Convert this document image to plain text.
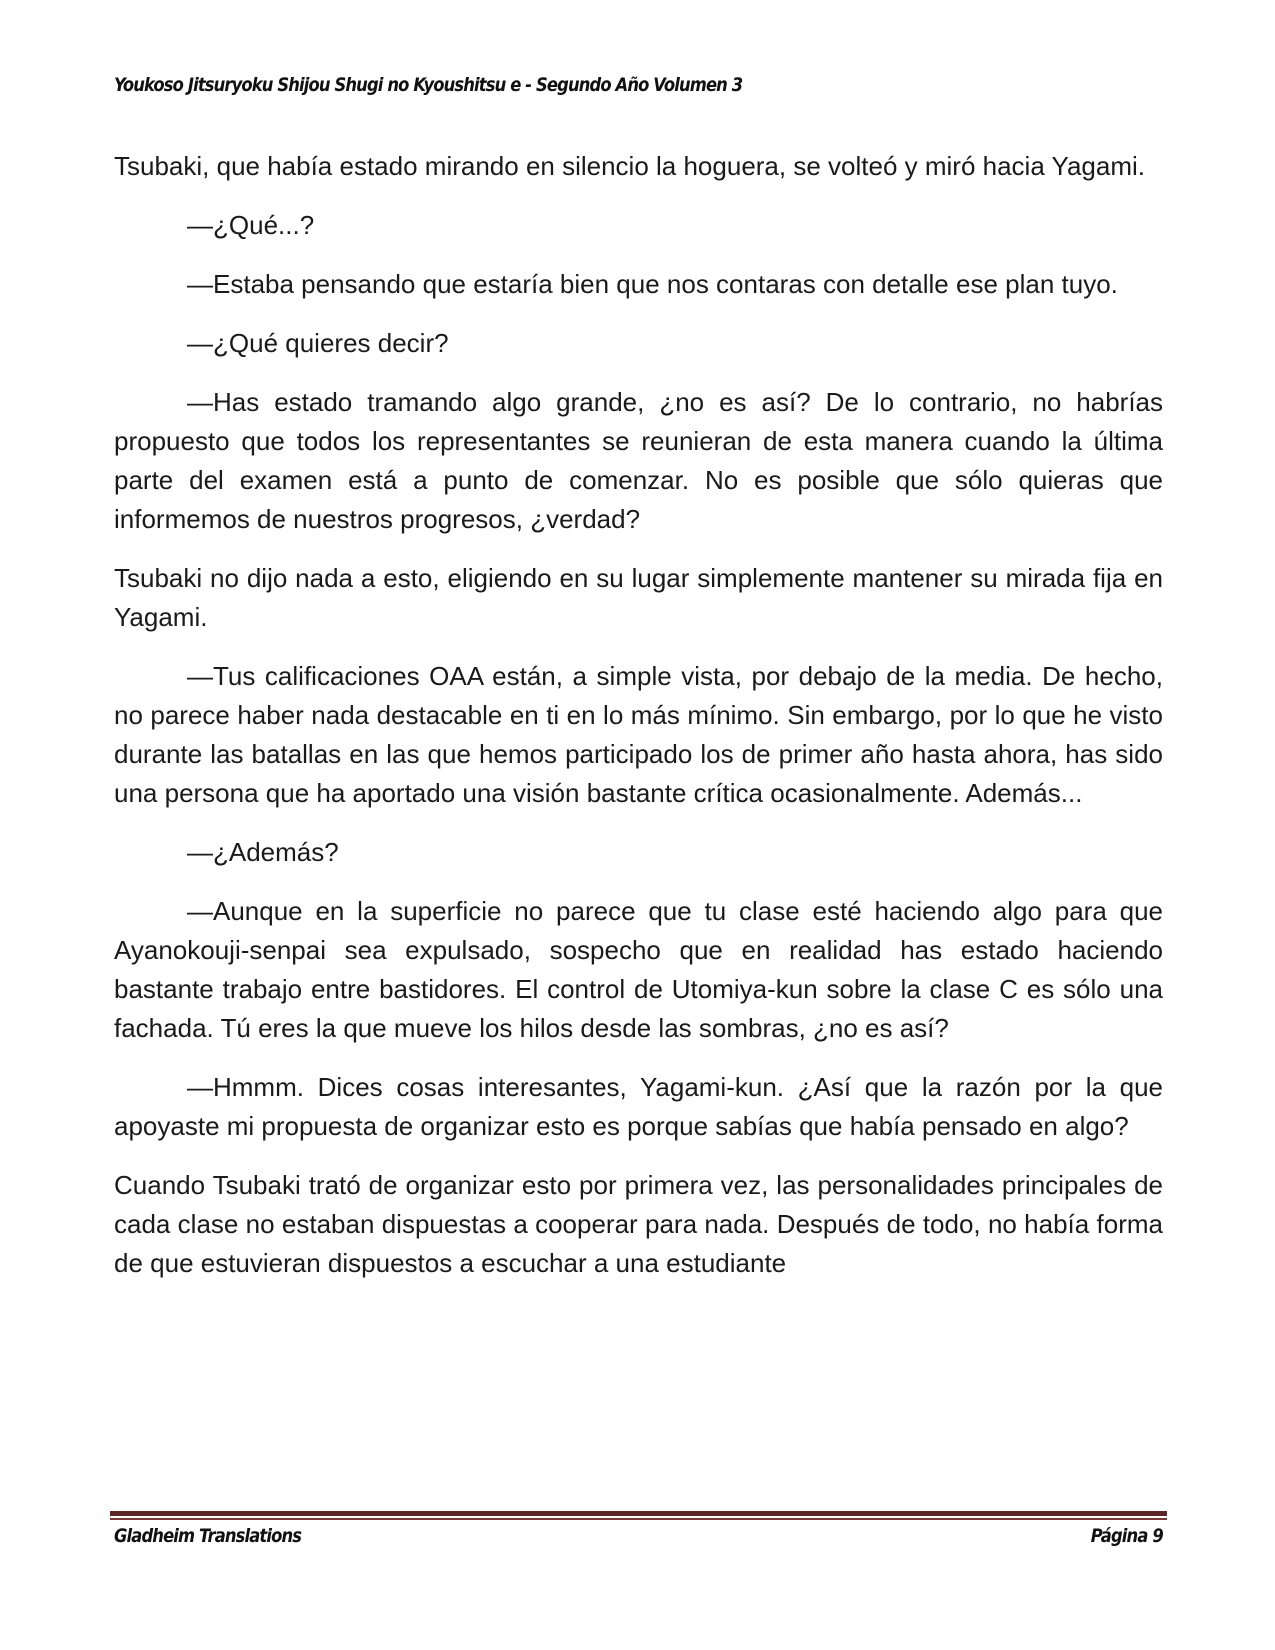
Youkoso Jitsuryoku Shijou Shugi no Kyoushitsu e - Segundo Año Volumen 3

Tsubaki, que había estado mirando en silencio la hoguera, se volteó y miró hacia Yagami.

—¿Qué...?

—Estaba pensando que estaría bien que nos contaras con detalle ese plan tuyo.

—¿Qué quieres decir?

—Has estado tramando algo grande, ¿no es así? De lo contrario, no habrías propuesto que todos los representantes se reunieran de esta manera cuando la última parte del examen está a punto de comenzar. No es posible que sólo quieras que informemos de nuestros progresos, ¿verdad?

Tsubaki no dijo nada a esto, eligiendo en su lugar simplemente mantener su mirada fija en Yagami.

—Tus calificaciones OAA están, a simple vista, por debajo de la media. De hecho, no parece haber nada destacable en ti en lo más mínimo. Sin embargo, por lo que he visto durante las batallas en las que hemos participado los de primer año hasta ahora, has sido una persona que ha aportado una visión bastante crítica ocasionalmente. Además...

—¿Además?

—Aunque en la superficie no parece que tu clase esté haciendo algo para que Ayanokouji-senpai sea expulsado, sospecho que en realidad has estado haciendo bastante trabajo entre bastidores. El control de Utomiya-kun sobre la clase C es sólo una fachada. Tú eres la que mueve los hilos desde las sombras, ¿no es así?

—Hmmm. Dices cosas interesantes, Yagami-kun. ¿Así que la razón por la que apoyaste mi propuesta de organizar esto es porque sabías que había pensado en algo?

Cuando Tsubaki trató de organizar esto por primera vez, las personalidades principales de cada clase no estaban dispuestas a cooperar para nada. Después de todo, no había forma de que estuvieran dispuestos a escuchar a una estudiante

Gladheim Translations	Página 9
